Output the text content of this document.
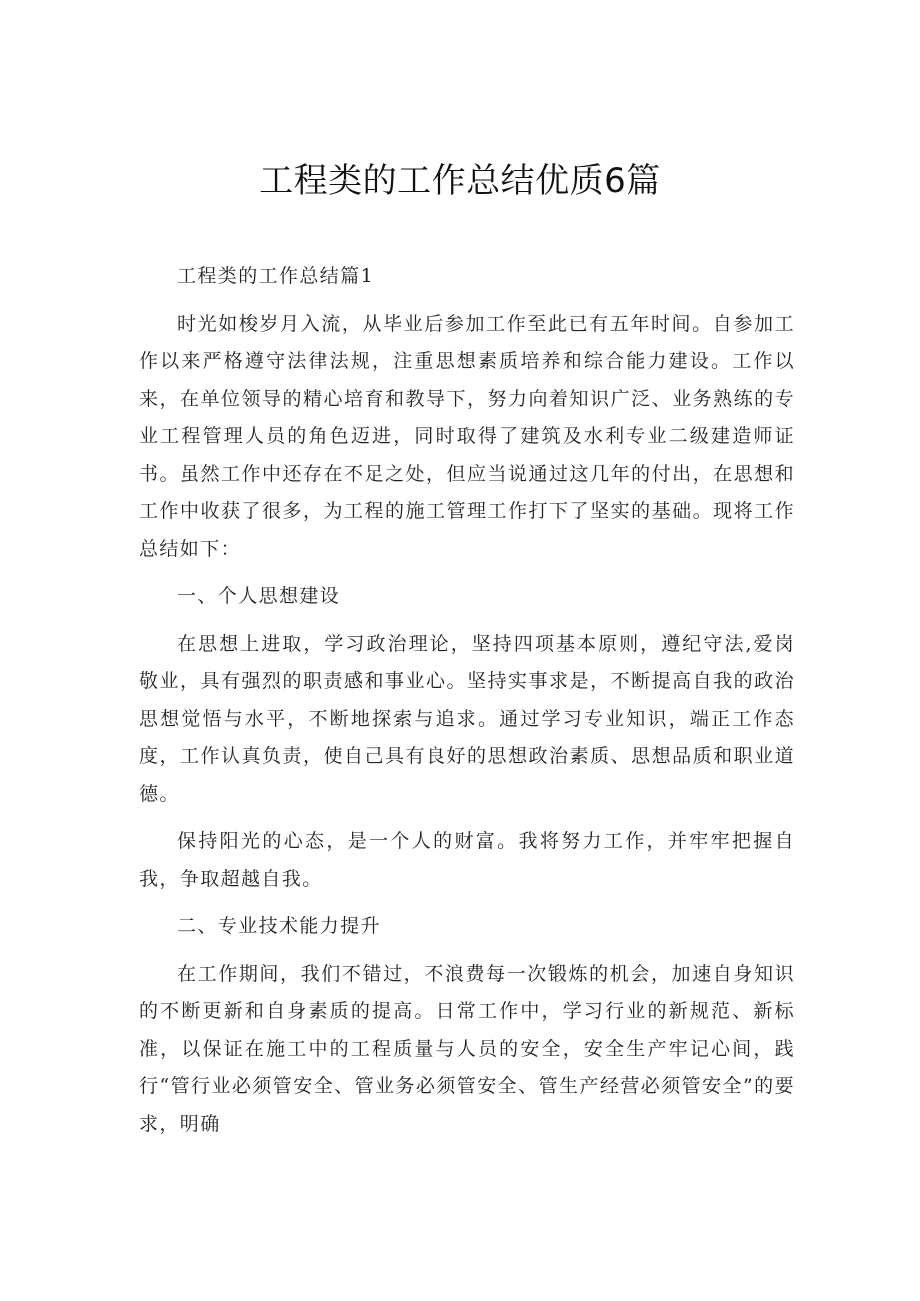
工程类的工作总结优质6篇

工程类的工作总结篇1

时光如梭岁月入流，从毕业后参加工作至此已有五年时间。自参加工作以来严格遵守法律法规，注重思想素质培养和综合能力建设。工作以来，在单位领导的精心培育和教导下，努力向着知识广泛、业务熟练的专业工程管理人员的角色迈进，同时取得了建筑及水利专业二级建造师证书。虽然工作中还存在不足之处，但应当说通过这几年的付出，在思想和工作中收获了很多，为工程的施工管理工作打下了坚实的基础。现将工作总结如下：

一、个人思想建设

在思想上进取，学习政治理论，坚持四项基本原则，遵纪守法,爱岗敬业，具有强烈的职责感和事业心。坚持实事求是，不断提高自我的政治思想觉悟与水平，不断地探索与追求。通过学习专业知识，端正工作态度，工作认真负责，使自己具有良好的思想政治素质、思想品质和职业道德。

保持阳光的心态，是一个人的财富。我将努力工作，并牢牢把握自我，争取超越自我。

二、专业技术能力提升

在工作期间，我们不错过，不浪费每一次锻炼的机会，加速自身知识的不断更新和自身素质的提高。日常工作中，学习行业的新规范、新标准，以保证在施工中的工程质量与人员的安全，安全生产牢记心间，践行“管行业必须管安全、管业务必须管安全、管生产经营必须管安全”的要求，明确
